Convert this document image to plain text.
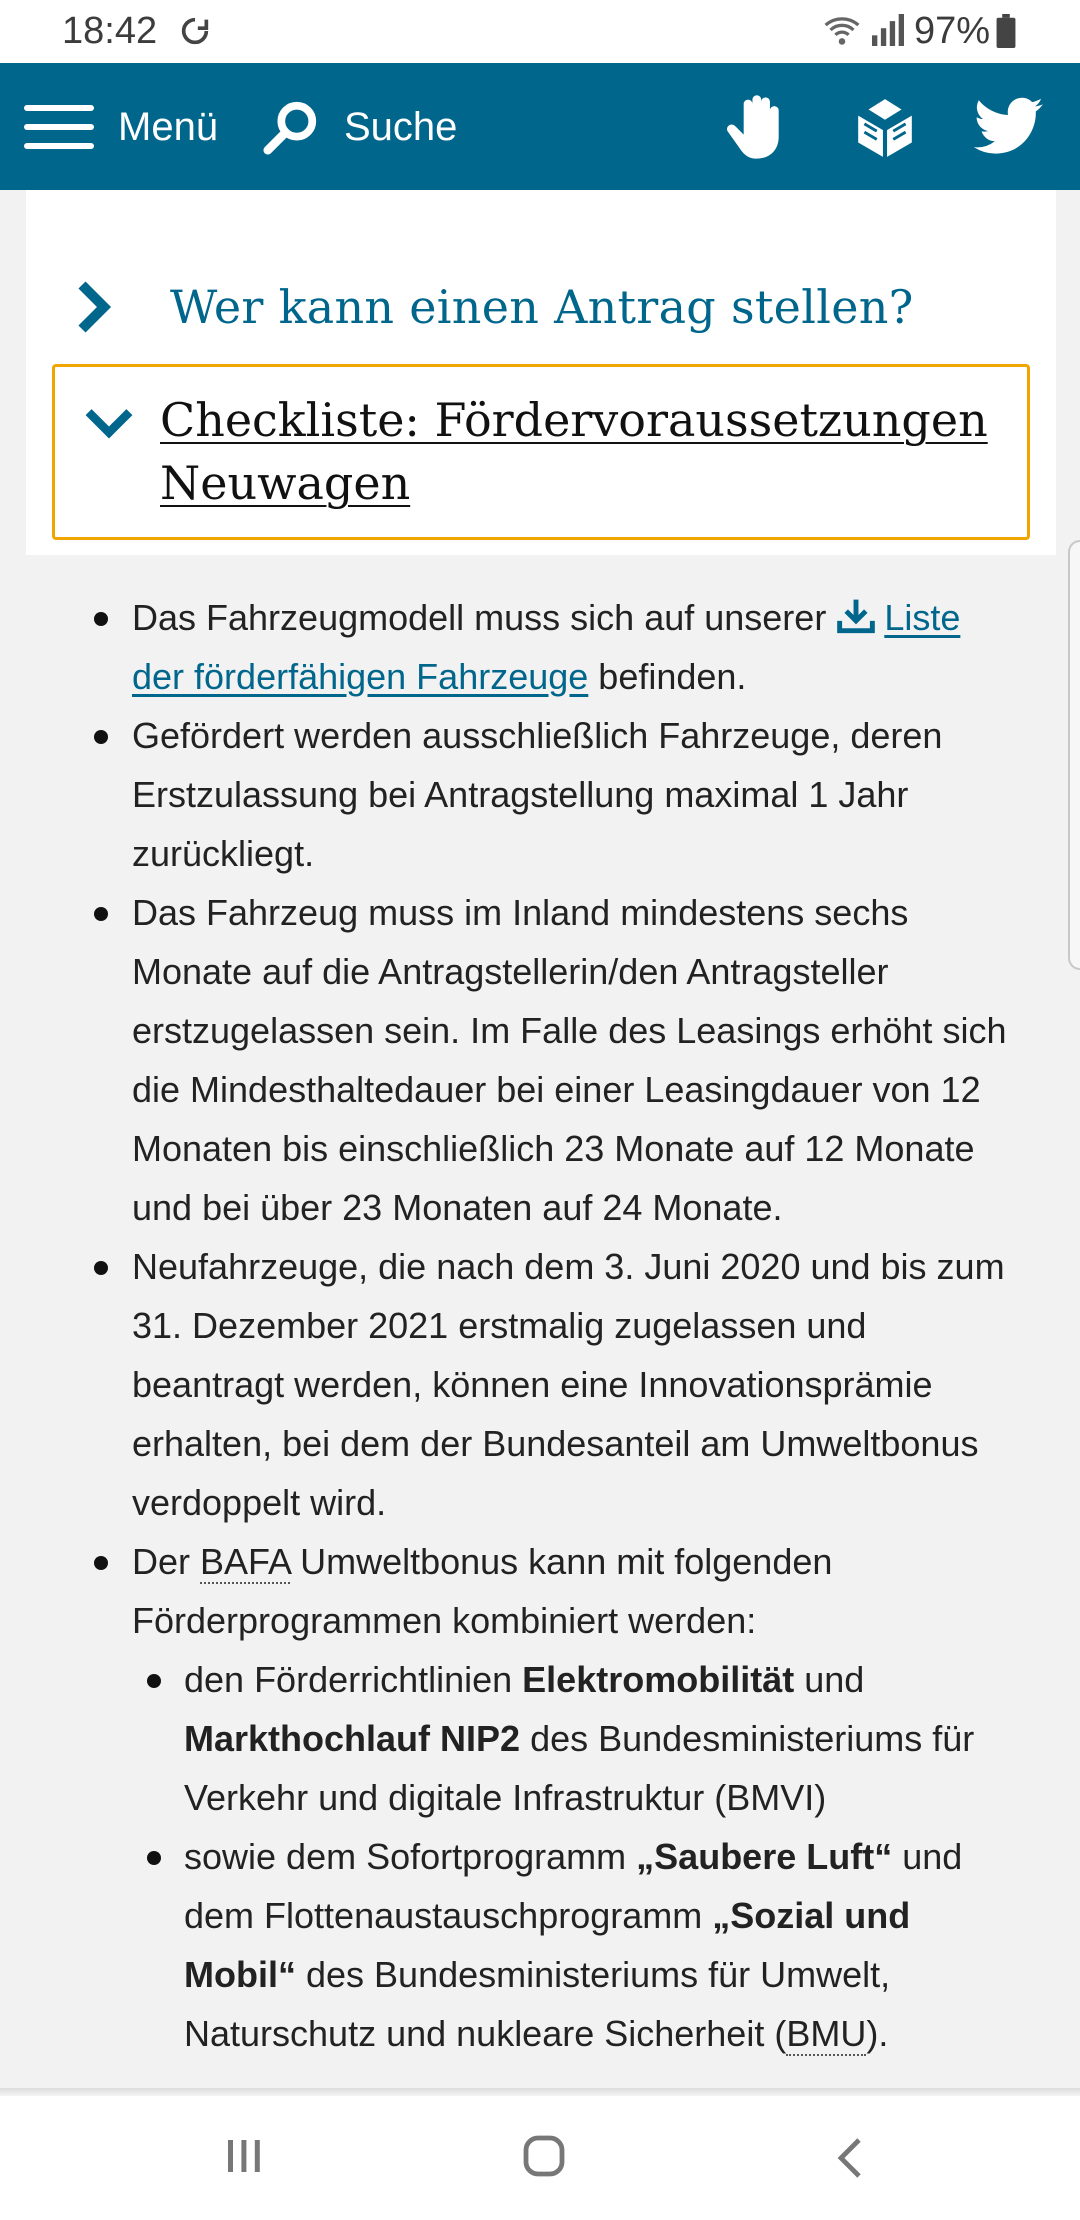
18:42	97%
Menü	Suche
Wer kann einen Antrag stellen?
Checkliste: Fördervoraussetzungen Neuwagen
Das Fahrzeugmodell muss sich auf unserer Liste der förderfähigen Fahrzeuge befinden.
Gefördert werden ausschließlich Fahrzeuge, deren Erstzulassung bei Antragstellung maximal 1 Jahr zurückliegt.
Das Fahrzeug muss im Inland mindestens sechs Monate auf die Antragstellerin/den Antragsteller erstzugelassen sein. Im Falle des Leasings erhöht sich die Mindesthaltedauer bei einer Leasingdauer von 12 Monaten bis einschließlich 23 Monate auf 12 Monate und bei über 23 Monaten auf 24 Monate.
Neufahrzeuge, die nach dem 3. Juni 2020 und bis zum 31. Dezember 2021 erstmalig zugelassen und beantragt werden, können eine Innovationsprämie erhalten, bei dem der Bundesanteil am Umweltbonus verdoppelt wird.
Der BAFA Umweltbonus kann mit folgenden Förderprogrammen kombiniert werden:
den Förderrichtlinien Elektromobilität und Markthochlauf NIP2 des Bundesministeriums für Verkehr und digitale Infrastruktur (BMVI)
sowie dem Sofortprogramm „Saubere Luft“ und dem Flottenaustauschprogramm „Sozial und Mobil“ des Bundesministeriums für Umwelt, Naturschutz und nukleare Sicherheit (BMU).
